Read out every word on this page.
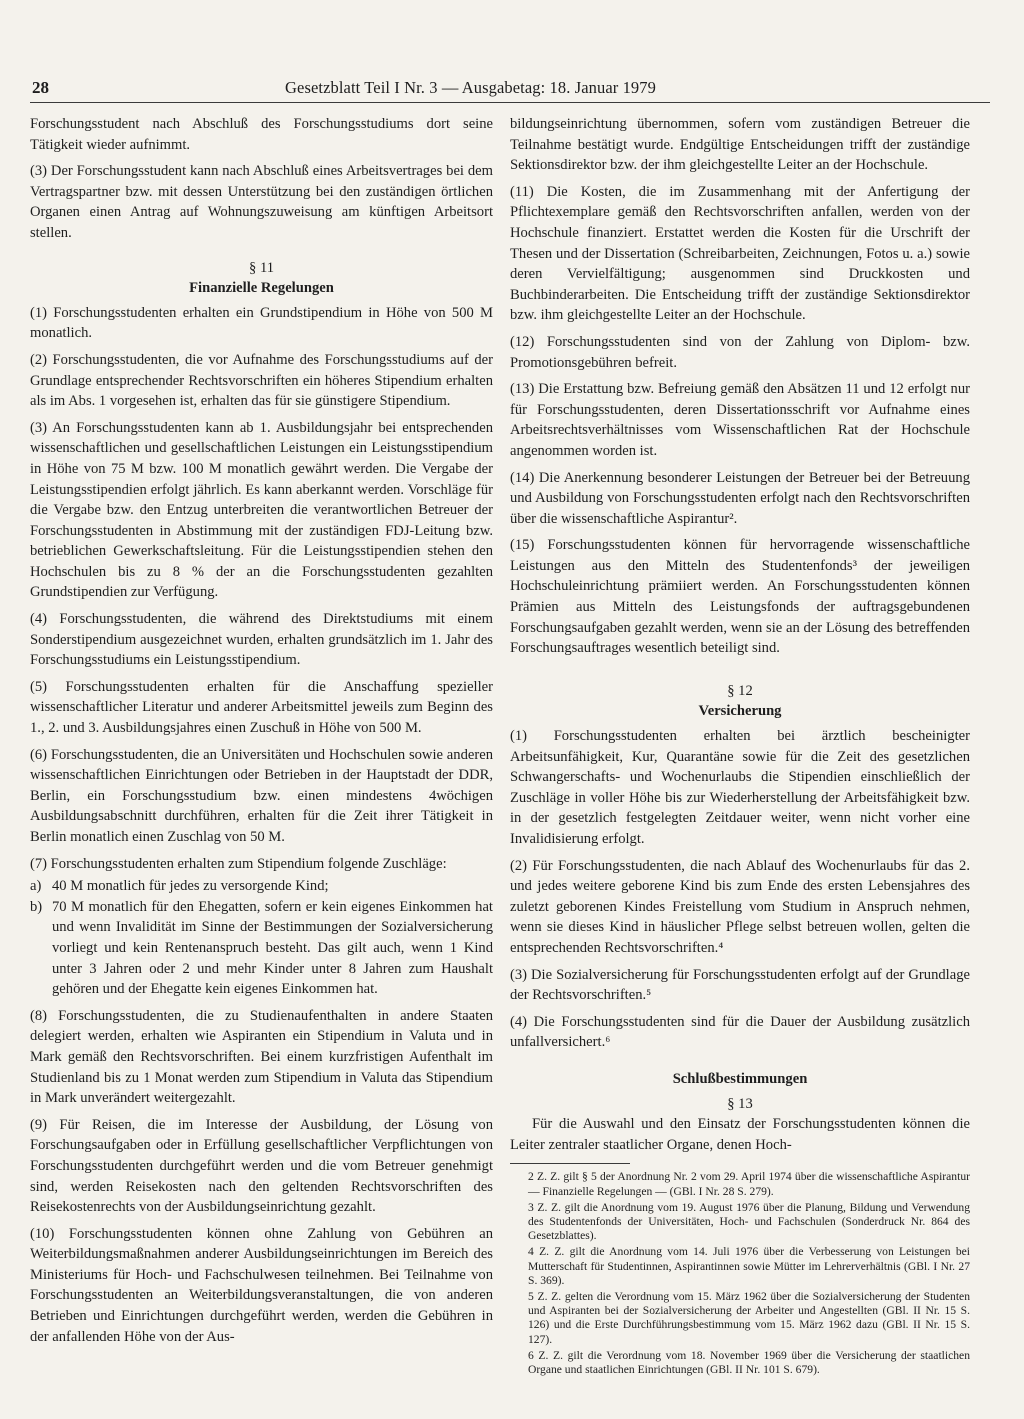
28	Gesetzblatt Teil I Nr. 3 — Ausgabetag: 18. Januar 1979

Forschungsstudent nach Abschluß des Forschungsstudiums dort seine Tätigkeit wieder aufnimmt.

(3) Der Forschungsstudent kann nach Abschluß eines Arbeitsvertrages bei dem Vertragspartner bzw. mit dessen Unterstützung bei den zuständigen örtlichen Organen einen Antrag auf Wohnungszuweisung am künftigen Arbeitsort stellen.

§ 11
Finanzielle Regelungen

(1) Forschungsstudenten erhalten ein Grundstipendium in Höhe von 500 M monatlich.

(2) Forschungsstudenten, die vor Aufnahme des Forschungsstudiums auf der Grundlage entsprechender Rechtsvorschriften ein höheres Stipendium erhalten als im Abs. 1 vorgesehen ist, erhalten das für sie günstigere Stipendium.

(3) An Forschungsstudenten kann ab 1. Ausbildungsjahr bei entsprechenden wissenschaftlichen und gesellschaftlichen Leistungen ein Leistungsstipendium in Höhe von 75 M bzw. 100 M monatlich gewährt werden. Die Vergabe der Leistungsstipendien erfolgt jährlich. Es kann aberkannt werden. Vorschläge für die Vergabe bzw. den Entzug unterbreiten die verantwortlichen Betreuer der Forschungsstudenten in Abstimmung mit der zuständigen FDJ-Leitung bzw. betrieblichen Gewerkschaftsleitung. Für die Leistungsstipendien stehen den Hochschulen bis zu 8 % der an die Forschungsstudenten gezahlten Grundstipendien zur Verfügung.

(4) Forschungsstudenten, die während des Direktstudiums mit einem Sonderstipendium ausgezeichnet wurden, erhalten grundsätzlich im 1. Jahr des Forschungsstudiums ein Leistungsstipendium.

(5) Forschungsstudenten erhalten für die Anschaffung spezieller wissenschaftlicher Literatur und anderer Arbeitsmittel jeweils zum Beginn des 1., 2. und 3. Ausbildungsjahres einen Zuschuß in Höhe von 500 M.

(6) Forschungsstudenten, die an Universitäten und Hochschulen sowie anderen wissenschaftlichen Einrichtungen oder Betrieben in der Hauptstadt der DDR, Berlin, ein Forschungsstudium bzw. einen mindestens 4wöchigen Ausbildungsabschnitt durchführen, erhalten für die Zeit ihrer Tätigkeit in Berlin monatlich einen Zuschlag von 50 M.

(7) Forschungsstudenten erhalten zum Stipendium folgende Zuschläge:

a) 40 M monatlich für jedes zu versorgende Kind;
b) 70 M monatlich für den Ehegatten, sofern er kein eigenes Einkommen hat und wenn Invalidität im Sinne der Bestimmungen der Sozialversicherung vorliegt und kein Rentenanspruch besteht. Das gilt auch, wenn 1 Kind unter 3 Jahren oder 2 und mehr Kinder unter 8 Jahren zum Haushalt gehören und der Ehegatte kein eigenes Einkommen hat.

(8) Forschungsstudenten, die zu Studienaufenthalten in andere Staaten delegiert werden, erhalten wie Aspiranten ein Stipendium in Valuta und in Mark gemäß den Rechtsvorschriften. Bei einem kurzfristigen Aufenthalt im Studienland bis zu 1 Monat werden zum Stipendium in Valuta das Stipendium in Mark unverändert weitergezahlt.

(9) Für Reisen, die im Interesse der Ausbildung, der Lösung von Forschungsaufgaben oder in Erfüllung gesellschaftlicher Verpflichtungen von Forschungsstudenten durchgeführt werden und die vom Betreuer genehmigt sind, werden Reisekosten nach den geltenden Rechtsvorschriften des Reisekostenrechts von der Ausbildungseinrichtung gezahlt.

(10) Forschungsstudenten können ohne Zahlung von Gebühren an Weiterbildungsmaßnahmen anderer Ausbildungseinrichtungen im Bereich des Ministeriums für Hoch- und Fachschulwesen teilnehmen. Bei Teilnahme von Forschungsstudenten an Weiterbildungsveranstaltungen, die von anderen Betrieben und Einrichtungen durchgeführt werden, werden die Gebühren in der anfallenden Höhe von der Aus-

bildungseinrichtung übernommen, sofern vom zuständigen Betreuer die Teilnahme bestätigt wurde. Endgültige Entscheidungen trifft der zuständige Sektionsdirektor bzw. der ihm gleichgestellte Leiter an der Hochschule.

(11) Die Kosten, die im Zusammenhang mit der Anfertigung der Pflichtexemplare gemäß den Rechtsvorschriften anfallen, werden von der Hochschule finanziert. Erstattet werden die Kosten für die Urschrift der Thesen und der Dissertation (Schreibarbeiten, Zeichnungen, Fotos u. a.) sowie deren Vervielfältigung; ausgenommen sind Druckkosten und Buchbinderarbeiten. Die Entscheidung trifft der zuständige Sektionsdirektor bzw. ihm gleichgestellte Leiter an der Hochschule.

(12) Forschungsstudenten sind von der Zahlung von Diplom- bzw. Promotionsgebühren befreit.

(13) Die Erstattung bzw. Befreiung gemäß den Absätzen 11 und 12 erfolgt nur für Forschungsstudenten, deren Dissertationsschrift vor Aufnahme eines Arbeitsrechtsverhältnisses vom Wissenschaftlichen Rat der Hochschule angenommen worden ist.

(14) Die Anerkennung besonderer Leistungen der Betreuer bei der Betreuung und Ausbildung von Forschungsstudenten erfolgt nach den Rechtsvorschriften über die wissenschaftliche Aspirantur².

(15) Forschungsstudenten können für hervorragende wissenschaftliche Leistungen aus den Mitteln des Studentenfonds³ der jeweiligen Hochschuleinrichtung prämiiert werden. An Forschungsstudenten können Prämien aus Mitteln des Leistungsfonds der auftragsgebundenen Forschungsaufgaben gezahlt werden, wenn sie an der Lösung des betreffenden Forschungsauftrages wesentlich beteiligt sind.

§ 12
Versicherung

(1) Forschungsstudenten erhalten bei ärztlich bescheinigter Arbeitsunfähigkeit, Kur, Quarantäne sowie für die Zeit des gesetzlichen Schwangerschafts- und Wochenurlaubs die Stipendien einschließlich der Zuschläge in voller Höhe bis zur Wiederherstellung der Arbeitsfähigkeit bzw. in der gesetzlich festgelegten Zeitdauer weiter, wenn nicht vorher eine Invalidisierung erfolgt.

(2) Für Forschungsstudenten, die nach Ablauf des Wochenurlaubs für das 2. und jedes weitere geborene Kind bis zum Ende des ersten Lebensjahres des zuletzt geborenen Kindes Freistellung vom Studium in Anspruch nehmen, wenn sie dieses Kind in häuslicher Pflege selbst betreuen wollen, gelten die entsprechenden Rechtsvorschriften.⁴

(3) Die Sozialversicherung für Forschungsstudenten erfolgt auf der Grundlage der Rechtsvorschriften.⁵

(4) Die Forschungsstudenten sind für die Dauer der Ausbildung zusätzlich unfallversichert.⁶

Schlußbestimmungen
§ 13

Für die Auswahl und den Einsatz der Forschungsstudenten können die Leiter zentraler staatlicher Organe, denen Hoch-

2 Z. Z. gilt § 5 der Anordnung Nr. 2 vom 29. April 1974 über die wissenschaftliche Aspirantur — Finanzielle Regelungen — (GBl. I Nr. 28 S. 279).

3 Z. Z. gilt die Anordnung vom 19. August 1976 über die Planung, Bildung und Verwendung des Studentenfonds der Universitäten, Hoch- und Fachschulen (Sonderdruck Nr. 864 des Gesetzblattes).

4 Z. Z. gilt die Anordnung vom 14. Juli 1976 über die Verbesserung von Leistungen bei Mutterschaft für Studentinnen, Aspirantinnen sowie Mütter im Lehrerverhältnis (GBl. I Nr. 27 S. 369).

5 Z. Z. gelten die Verordnung vom 15. März 1962 über die Sozialversicherung der Studenten und Aspiranten bei der Sozialversicherung der Arbeiter und Angestellten (GBl. II Nr. 15 S. 126) und die Erste Durchführungsbestimmung vom 15. März 1962 dazu (GBl. II Nr. 15 S. 127).

6 Z. Z. gilt die Verordnung vom 18. November 1969 über die Versicherung der staatlichen Organe und staatlichen Einrichtungen (GBl. II Nr. 101 S. 679).
